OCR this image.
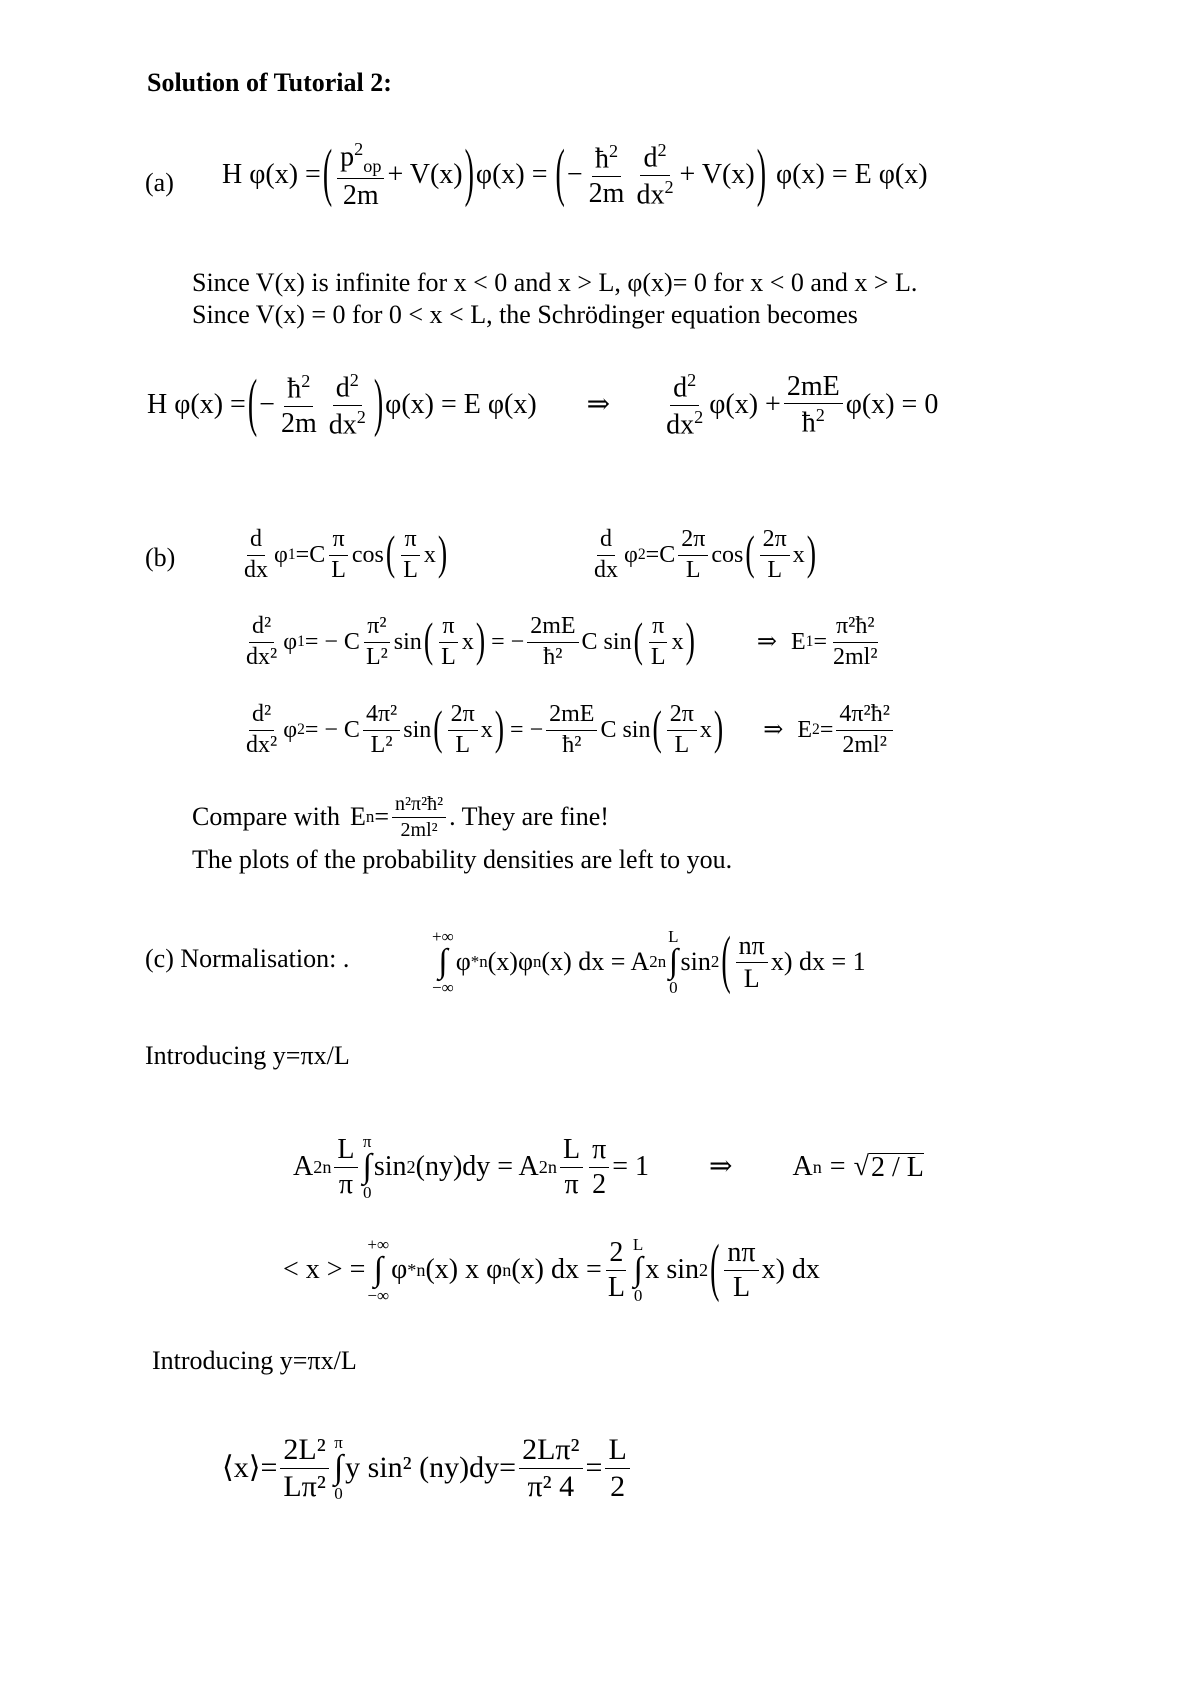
Solution of Tutorial 2:
(a) H φ(x) = ( $\frac{p^2_{op}}{2m} + V(x)$ ) φ(x) = ( − $\frac{ħ^2}{2m} \frac{d^2}{dx^2} + V(x)$ ) φ(x) = E φ(x)
Since V(x) is infinite for x < 0 and x > L, φ(x)= 0 for x < 0 and x > L.
Since V(x) = 0 for 0 < x < L, the Schrödinger equation becomes
H φ(x) = ( − $\frac{ħ^2}{2m} \frac{d^2}{dx^2}$ ) φ(x) = E φ(x) ⇒ $\frac{d^2}{dx^2} \varphi(x) + \frac{2mE}{ħ^2} \varphi(x) = 0$
(b)	$\frac{d}{dx}$ φ $1 =C \frac{\pi}{L}$ cos ( $\frac{\pi}{L}$ x )	$\frac{d}{dx}$ φ $2 =C \frac{2\pi}{L}$ cos ( $\frac{2\pi}{L}$ x )
$\frac{\text{d²}}{\text{dx²}}$ φ 1 = − C $\frac{\text{π²}}{\text{L²}}$ sin ( $\frac{\pi}{L}$ x ) = − $\frac{2mE}{\text{ħ²}}$ C sin ( $\frac{\pi}{L}$ x )	⇒ E $1 = \frac{\text{π²ħ²}}{\text{2ml²}}$
$\frac{\text{d²}}{\text{dx²}}$ φ 2 = − C $\frac{\text{4π²}}{\text{L²}}$ sin ( $\frac{2\pi}{L}$ x ) = − $\frac{2mE}{\text{ħ²}}$ C sin ( $\frac{2\pi}{L}$ x ) ⇒ E $2 = \frac{\text{4π²ħ²}}{\text{2ml²}}$
Compare with E $n = \frac{\text{n²π²ħ²}}{\text{2ml²}}$ . They are fine!
The plots of the probability densities are left to you.
(c) Normalisation: .
+∞
∫
−∞
φ * n (x)φ n (x) dx = A 2 n
L
∫
0
sin 2 ( $\frac{n\pi}{L} x$) dx = 1
Introducing y=πx/L
A 2 n $\frac{L}{\pi}$ π
∫
0
sin 2 (ny)dy = A 2 n $\frac{L}{\pi} \frac{\pi}{2} = 1$ ⇒ A n = √ 2 / L
< x > =
+∞
∫
−∞
φ * n (x) x φ n (x) dx = $\frac{2}{L}$ L
∫
0
x sin 2 ( $\frac{n\pi}{L} x$) dx
Introducing y=πx/L
⟨ x ⟩ = $\frac{\text{2L²}}{\text{Lπ²}}$ π
∫
0
y sin² $(ny)dy= \frac{\text{2Lπ²}}{\text{π² 4}} = \frac{L}{2}$
